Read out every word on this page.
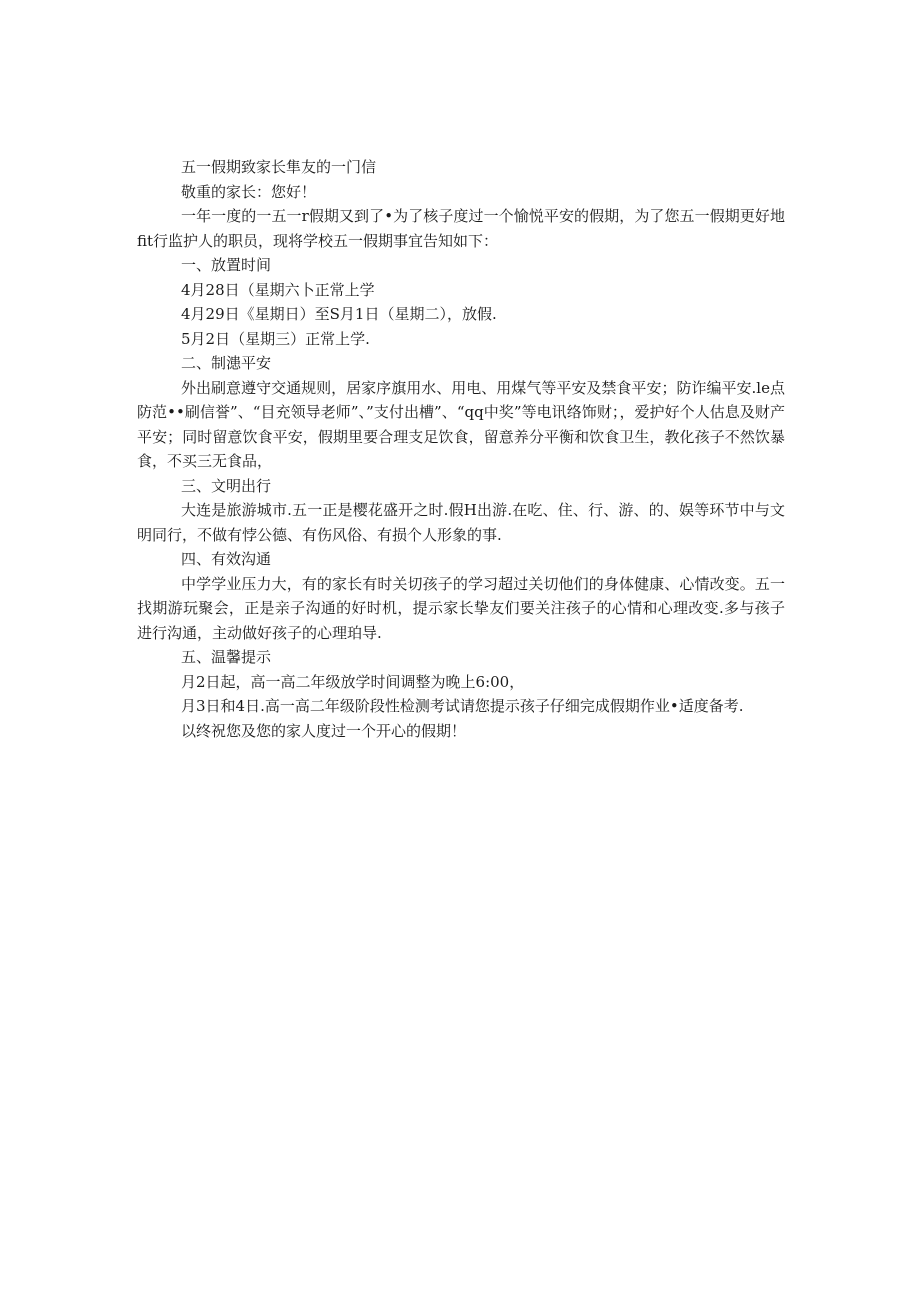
五一假期致家长隼友的一门信

敬重的家长：您好！

一年一度的一五一r假期又到了•为了核子度过一个愉悦平安的假期，为了您五一假期更好地fit行监护人的职员，现将学校五一假期事宜告知如下：

一、放置时间

4月28日（星期六卜正常上学

4月29日《星期日）至S月1日（星期二），放假.

5月2日（星期三）正常上学.

二、制漶平安

外出刷意遵守交通规则，居家序旗用水、用电、用煤气等平安及禁食平安；防诈编平安.le点防范••刷信誉”、“目充领导老师”、”支付出槽”、“qq中奖”等电讯络饰财；，爱护好个人估息及财产平安；同时留意饮食平安，假期里要合理支足饮食，留意养分平衡和饮食卫生，教化孩子不然饮暴食，不买三无食品，

三、文明出行

大连是旅游城市.五一正是樱花盛开之时.假H出游.在吃、住、行、游、的、娱等环节中与文明同行，不做有悖公德、有伤风俗、有损个人形象的事.

四、有效沟通

中学学业压力大，有的家长有时关切孩子的学习超过关切他们的身体健康、心情改变。五一找期游玩聚会，正是亲子沟通的好时机，提示家长挚友们要关注孩子的心情和心理改变.多与孩子进行沟通，主动做好孩子的心理珀导.

五、温馨提示

月2日起，高一高二年级放学时间调整为晚上6:00，

月3日和4日.高一高二年级阶段性检测考试请您提示孩子仔细完成假期作业•适度备考.

以终祝您及您的家人度过一个开心的假期！
